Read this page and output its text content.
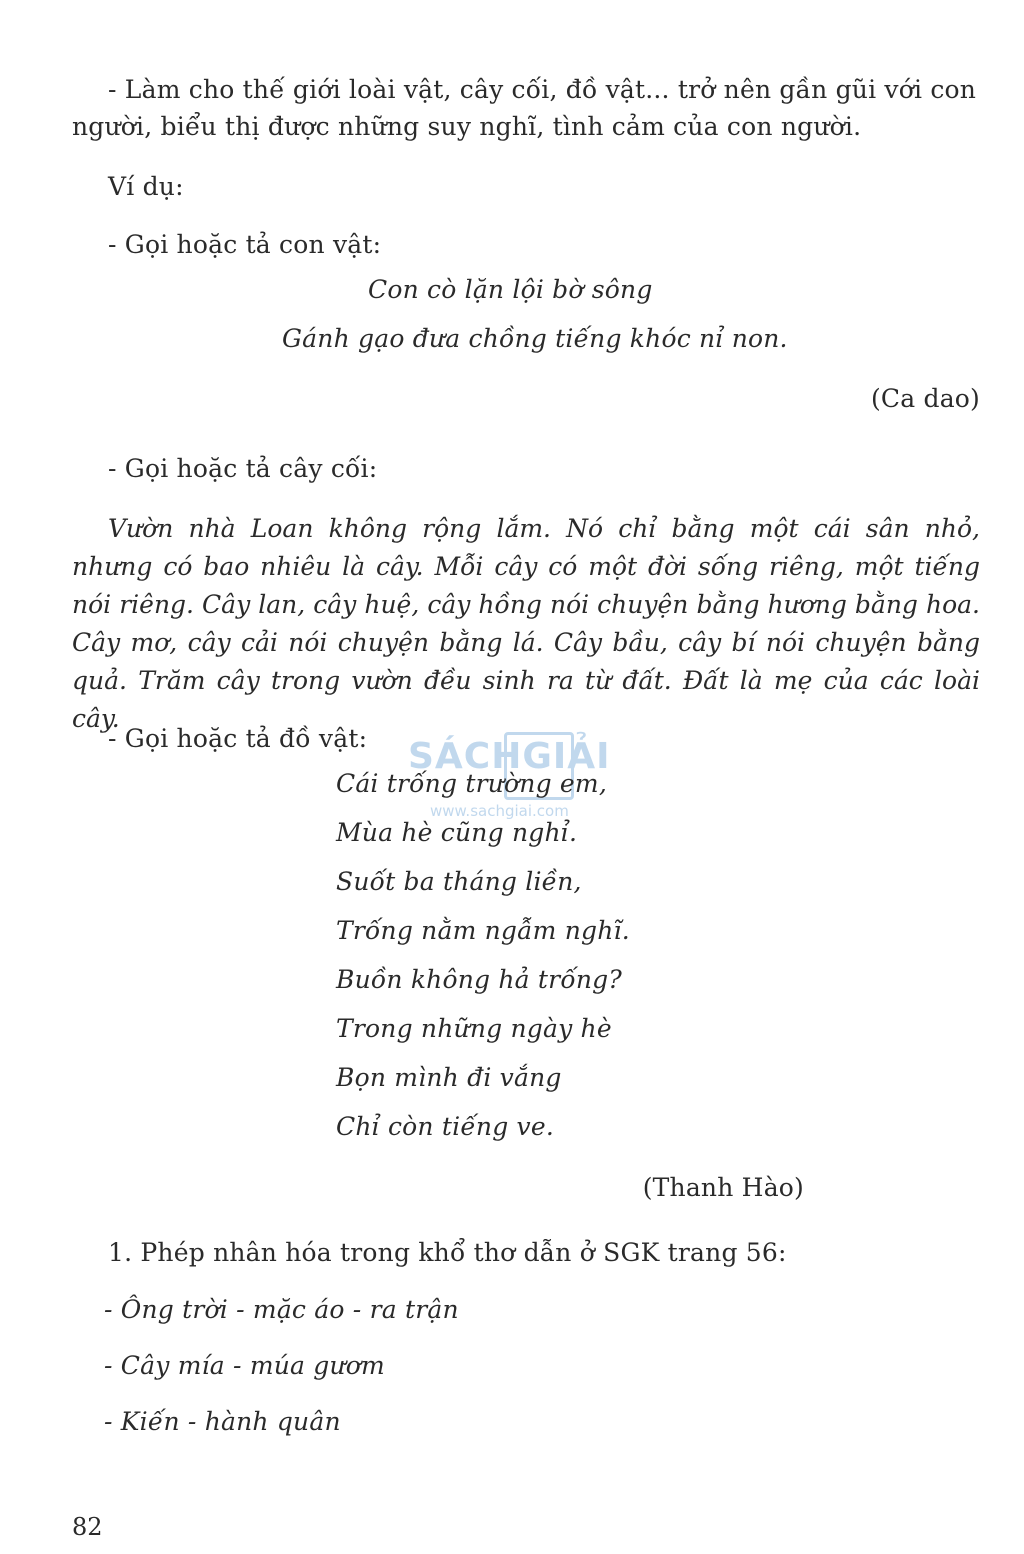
- Làm cho thế giới loài vật, cây cối, đồ vật... trở nên gần gũi với con
người, biểu thị được những suy nghĩ, tình cảm của con người.
Ví dụ:
- Gọi hoặc tả con vật:
Con cò lặn lội bờ sông
Gánh gạo đưa chồng tiếng khóc nỉ non.
(Ca dao)
- Gọi hoặc tả cây cối:
Vườn nhà Loan không rộng lắm. Nó chỉ bằng một cái sân nhỏ, nhưng có bao nhiêu là cây. Mỗi cây có một đời sống riêng, một tiếng nói riêng. Cây lan, cây huệ, cây hồng nói chuyện bằng hương bằng hoa. Cây mơ, cây cải nói chuyện bằng lá. Cây bầu, cây bí nói chuyện bằng quả. Trăm cây trong vườn đều sinh ra từ đất. Đất là mẹ của các loài cây.
- Gọi hoặc tả đồ vật: SÁCHGIẢI
www.sachgiai.com
Cái trống trường em,
Mùa hè cũng nghỉ.
Suốt ba tháng liền,
Trống nằm ngẫm nghĩ.
Buồn không hả trống?
Trong những ngày hè
Bọn mình đi vắng
Chỉ còn tiếng ve.
(Thanh Hào)
1. Phép nhân hóa trong khổ thơ dẫn ở SGK trang 56:
- Ông trời - mặc áo - ra trận
- Cây mía - múa gươm
- Kiến - hành quân
82
